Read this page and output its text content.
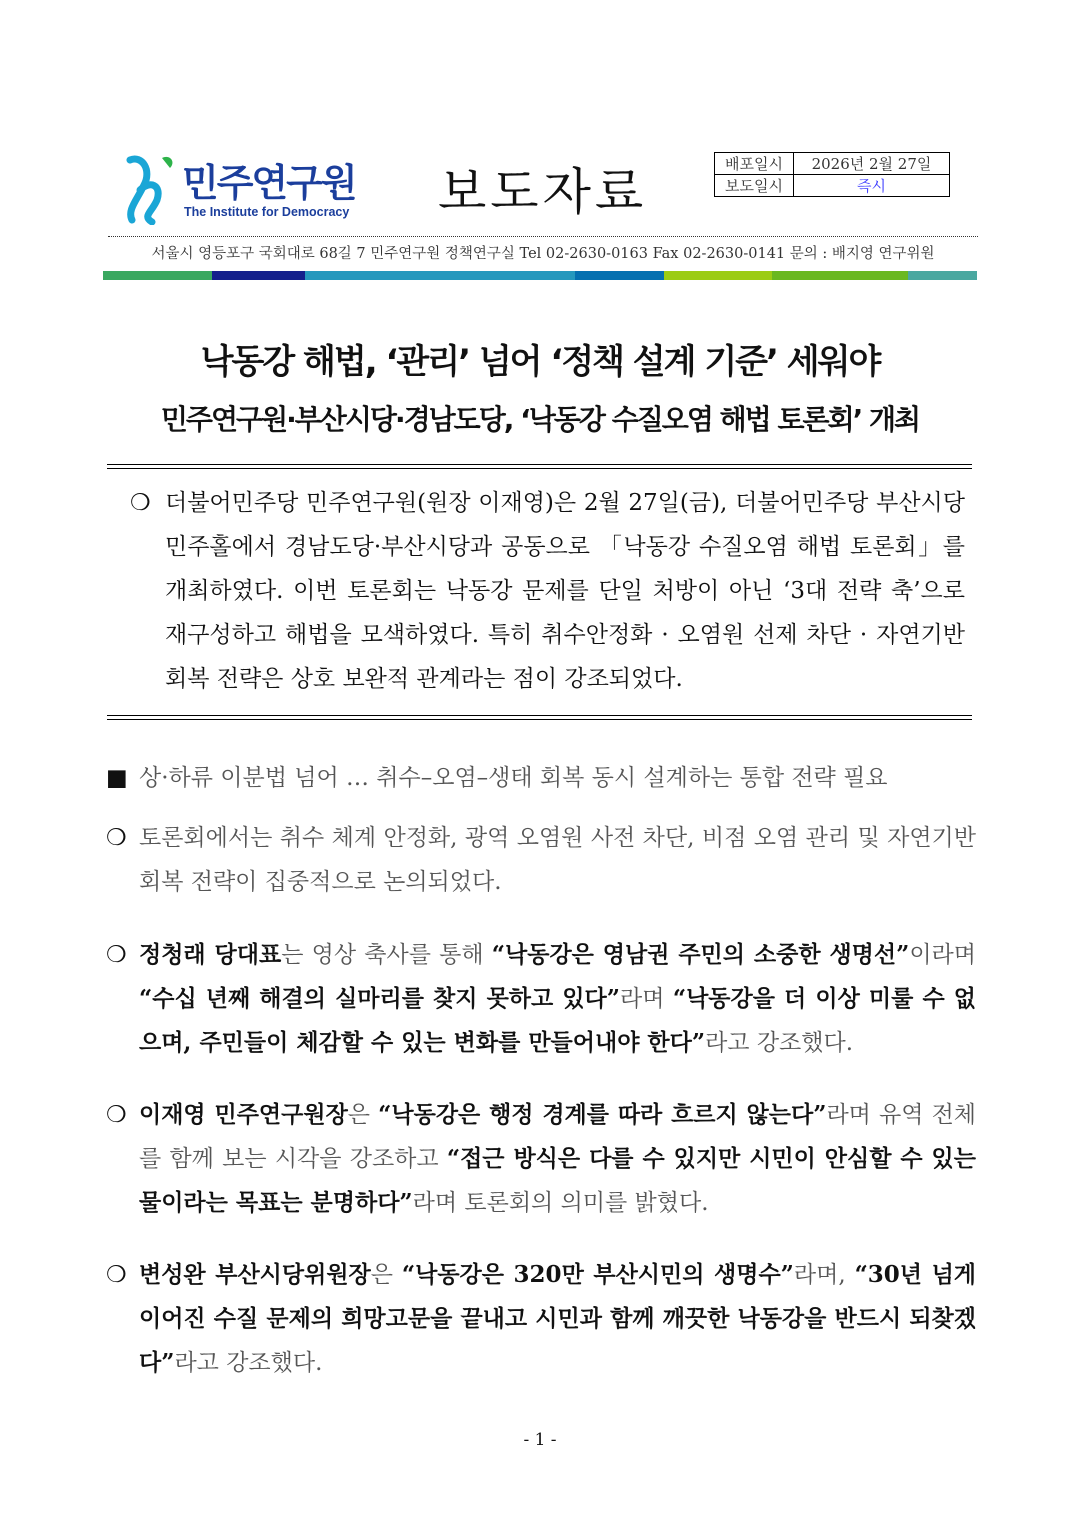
민주연구원
The Institute for Democracy 보도자료	배포일시	2026년 2월 27일
보도일시	즉시
서울시 영등포구 국회대로 68길 7 민주연구원 정책연구실 Tel 02-2630-0163 Fax 02-2630-0141 문의 : 배지영 연구위원
낙동강 해법, ‘관리’ 넘어 ‘정책 설계 기준’ 세워야
민주연구원·부산시당·경남도당, ‘낙동강 수질오염 해법 토론회’ 개최
❍ 더불어민주당 민주연구원(원장 이재영)은 2월 27일(금), 더불어민주당 부산시당 민주홀에서 경남도당·부산시당과 공동으로 「낙동강 수질오염 해법 토론회」를 개최하였다. 이번 토론회는 낙동강 문제를 단일 처방이 아닌 ‘3대 전략 축’으로 재구성하고 해법을 모색하였다. 특히 취수안정화 · 오염원 선제 차단 · 자연기반 회복 전략은 상호 보완적 관계라는 점이 강조되었다.
■ 상·하류 이분법 넘어 … 취수–오염–생태 회복 동시 설계하는 통합 전략 필요
❍ 토론회에서는 취수 체계 안정화, 광역 오염원 사전 차단, 비점 오염 관리 및 자연기반 회복 전략이 집중적으로 논의되었다.
❍ 정청래 당대표는 영상 축사를 통해 “낙동강은 영남권 주민의 소중한 생명선”이라며 “수십 년째 해결의 실마리를 찾지 못하고 있다”라며 “낙동강을 더 이상 미룰 수 없으며, 주민들이 체감할 수 있는 변화를 만들어내야 한다”라고 강조했다.
❍ 이재영 민주연구원장은 “낙동강은 행정 경계를 따라 흐르지 않는다”라며 유역 전체를 함께 보는 시각을 강조하고 “접근 방식은 다를 수 있지만 시민이 안심할 수 있는 물이라는 목표는 분명하다”라며 토론회의 의미를 밝혔다.
❍ 변성완 부산시당위원장은 “낙동강은 320만 부산시민의 생명수”라며, “30년 넘게 이어진 수질 문제의 희망고문을 끝내고 시민과 함께 깨끗한 낙동강을 반드시 되찾겠다”라고 강조했다.
- 1 -
